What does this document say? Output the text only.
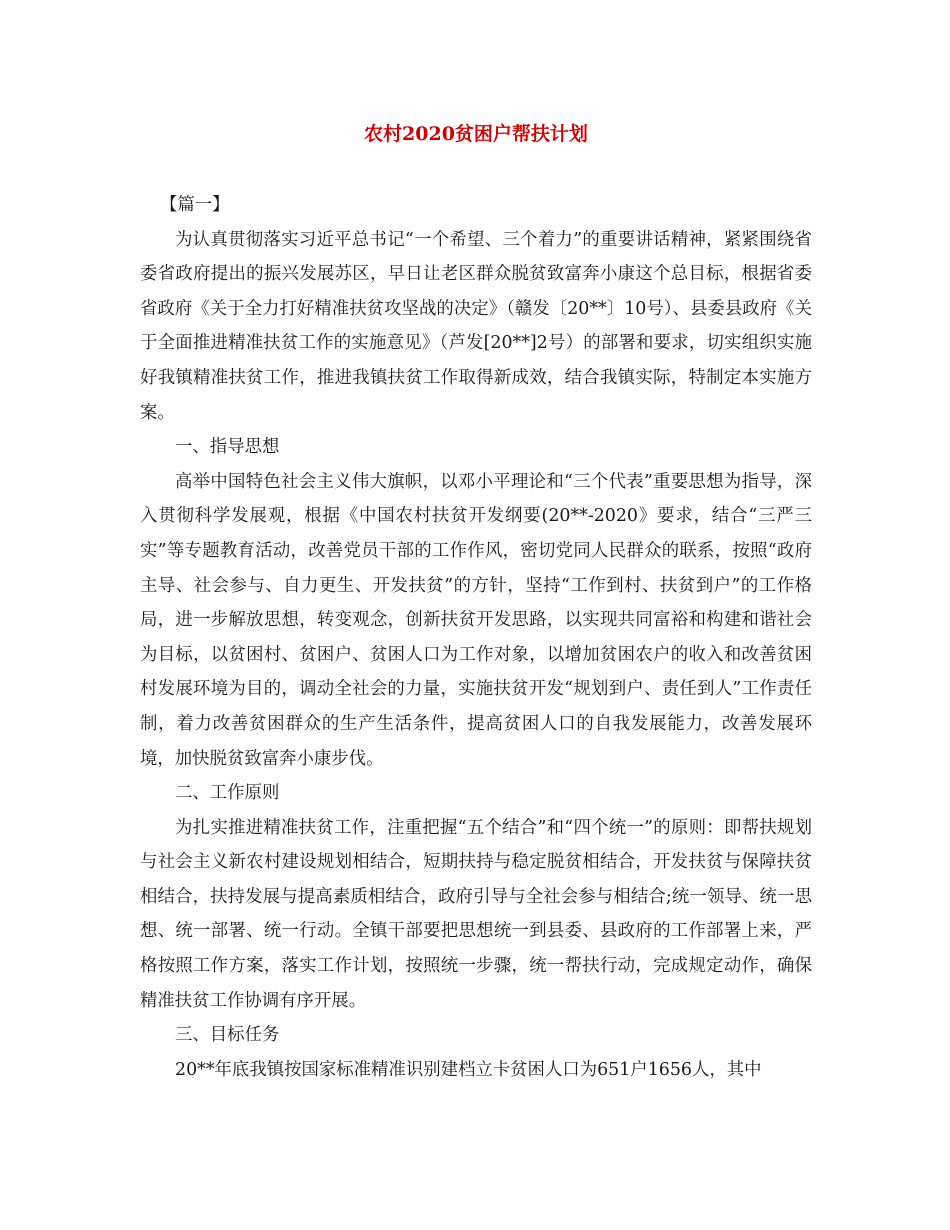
农村2020贫困户帮扶计划

【篇一】

为认真贯彻落实习近平总书记“一个希望、三个着力”的重要讲话精神，紧紧围绕省委省政府提出的振兴发展苏区，早日让老区群众脱贫致富奔小康这个总目标，根据省委省政府《关于全力打好精准扶贫攻坚战的决定》（赣发〔20**〕10号）、县委县政府《关于全面推进精准扶贫工作的实施意见》（芦发[20**]2号）的部署和要求，切实组织实施好我镇精准扶贫工作，推进我镇扶贫工作取得新成效，结合我镇实际，特制定本实施方案。

一、指导思想

高举中国特色社会主义伟大旗帜，以邓小平理论和“三个代表”重要思想为指导，深入贯彻科学发展观，根据《中国农村扶贫开发纲要(20**-2020》要求，结合“三严三实”等专题教育活动，改善党员干部的工作作风，密切党同人民群众的联系，按照“政府主导、社会参与、自力更生、开发扶贫”的方针，坚持“工作到村、扶贫到户”的工作格局，进一步解放思想，转变观念，创新扶贫开发思路，以实现共同富裕和构建和谐社会为目标，以贫困村、贫困户、贫困人口为工作对象，以增加贫困农户的收入和改善贫困村发展环境为目的，调动全社会的力量，实施扶贫开发“规划到户、责任到人”工作责任制，着力改善贫困群众的生产生活条件，提高贫困人口的自我发展能力，改善发展环境，加快脱贫致富奔小康步伐。

二、工作原则

为扎实推进精准扶贫工作，注重把握“五个结合”和“四个统一”的原则：即帮扶规划与社会主义新农村建设规划相结合，短期扶持与稳定脱贫相结合，开发扶贫与保障扶贫相结合，扶持发展与提高素质相结合，政府引导与全社会参与相结合;统一领导、统一思想、统一部署、统一行动。全镇干部要把思想统一到县委、县政府的工作部署上来，严格按照工作方案，落实工作计划，按照统一步骤，统一帮扶行动，完成规定动作，确保精准扶贫工作协调有序开展。

三、目标任务

20**年底我镇按国家标准精准识别建档立卡贫困人口为651户1656人，其中
